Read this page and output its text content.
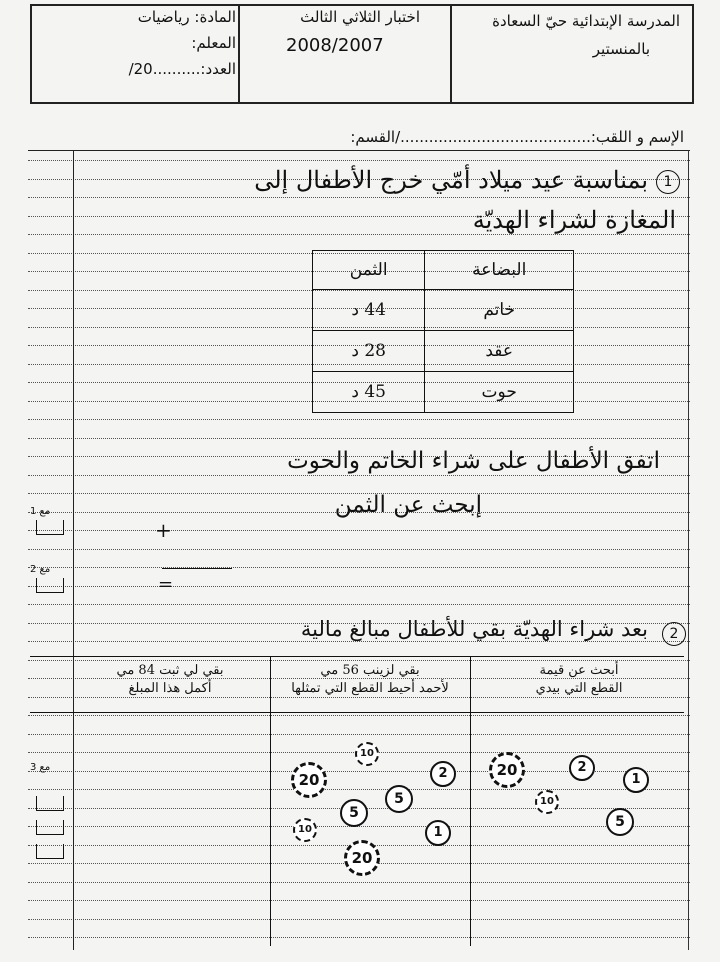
المدرسة الإبتدائية حيّ السعادة
بالمنستير
اختبار الثلاثي الثالث
2008/2007
المادة: رياضيات
المعلم:
العدد:..........20/
الإسم و اللقب:......................................../القسم:
1
بمناسبة عيد ميلاد أمّي خرج الأطفال إلى
المغازة لشراء الهديّة
البضاعة	الثمن
خاتم	44 د
عقد	28 د
حوت	45 د
اتفق الأطفال على شراء الخاتم والحوت
إبحث عن الثمن
+
=
مع 1
مع 2
مع 3
2
بعد شراء الهديّة بقي للأطفال مبالغ مالية
أبحث عن قيمة
القطع التي بيدي
بقي لزينب 56 مي
لأحمد أحيط القطع التي تمثلها
بقي لي ثبت 84 مي
أكمل هذا المبلغ
20	2
1
10
5
10
20	2
5
5
10	1
20
